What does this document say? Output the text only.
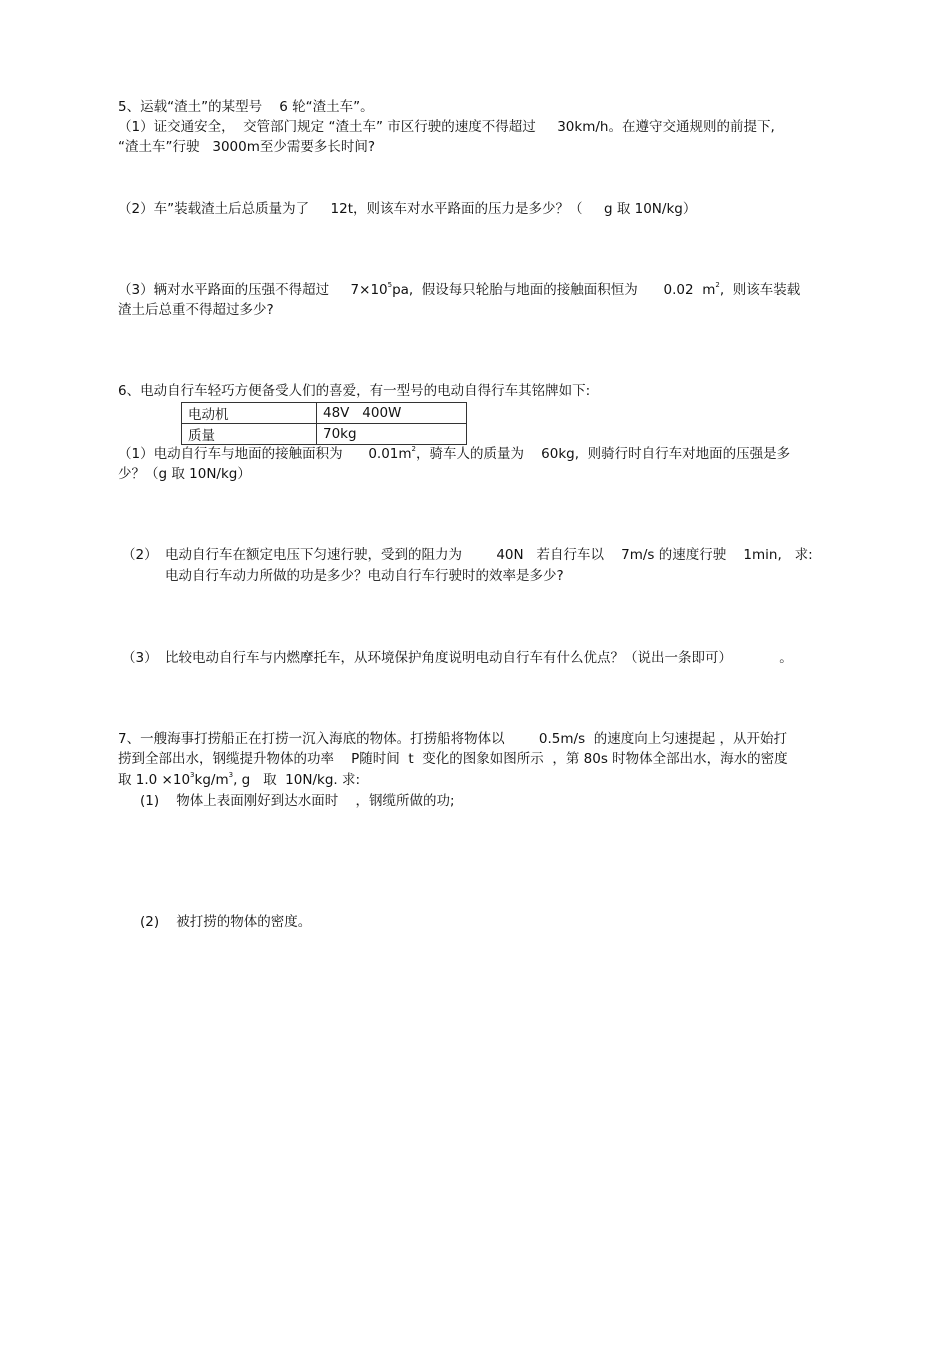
5、运载“渣土”的某型号    6 轮“渣土车”。
（1）证交通安全，  交管部门规定 “渣土车” 市区行驶的速度不得超过     30km/h。在遵守交通规则的前提下,
“渣土车”行驶   3000m至少需要多长时间?
（2）车”装载渣土后总质量为了     12t，则该车对水平路面的压力是多少？（     g 取 10N/kg）
（3）辆对水平路面的压强不得超过     $7\times 10^5pa$,  假设每只轮胎与地面的接触面积恒为      0.02  $m^2$,  则该车装载
渣土后总重不得超过多少?
6、电动自行车轻巧方便备受人们的喜爱，有一型号的电动自得行车其铭牌如下:
电动机	48V   400W
质量	70kg
（1）电动自行车与地面的接触面积为      $0.01m^2$，骑车人的质量为    60kg,  则骑行时自行车对地面的压强是多
少？（g 取 10N/kg）
（2） 电动自行车在额定电压下匀速行驶，受到的阻力为        40N   若自行车以    7m/s 的速度行驶    1min,   求:
电动自行车动力所做的功是多少？电动自行车行驶时的效率是多少?
（3） 比较电动自行车与内燃摩托车，从环境保护角度说明电动自行车有什么优点？（说出一条即可）           。
7、一艘海事打捞船正在打捞一沉入海底的物体。打捞船将物体以        0.5m/s  的速度向上匀速提起 ，从开始打
捞到全部出水，钢缆提升物体的功率    P随时间  t  变化的图象如图所示  ，第 80s 时物体全部出水，海水的密度
取 $1.0 \times 10^3kg/m^3$, g   取  10N/kg. 求:
(1)    物体上表面刚好到达水面时    ，钢缆所做的功;
(2)    被打捞的物体的密度。
